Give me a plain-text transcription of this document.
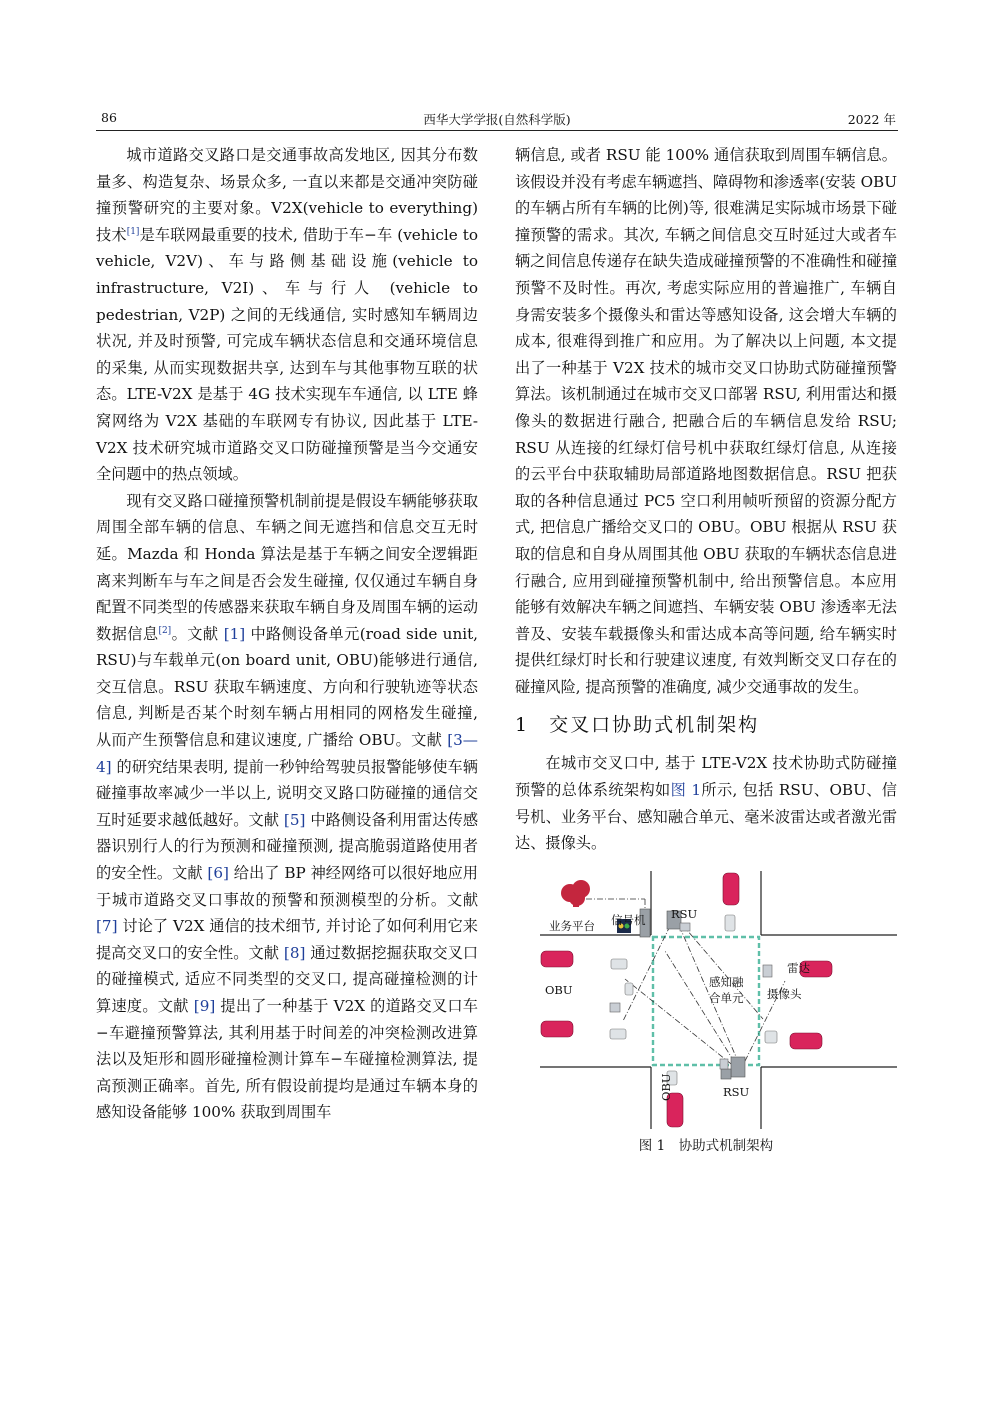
86	西华大学学报(自然科学版)	2022 年

城市道路交叉路口是交通事故高发地区, 因其分布数量多、构造复杂、场景众多, 一直以来都是交通冲突防碰撞预警研究的主要对象。V2X(vehicle to everything)技术[1]是车联网最重要的技术, 借助于车−车 (vehicle to vehicle, V2V)、车与路侧基础设施(vehicle to infrastructure, V2I)、车与行人 (vehicle to pedestrian, V2P) 之间的无线通信, 实时感知车辆周边状况, 并及时预警, 可完成车辆状态信息和交通环境信息的采集, 从而实现数据共享, 达到车与其他事物互联的状态。LTE-V2X 是基于 4G 技术实现车车通信, 以 LTE 蜂窝网络为 V2X 基础的车联网专有协议, 因此基于 LTE-V2X 技术研究城市道路交叉口防碰撞预警是当今交通安全问题中的热点领域。

现有交叉路口碰撞预警机制前提是假设车辆能够获取周围全部车辆的信息、车辆之间无遮挡和信息交互无时延。Mazda 和 Honda 算法是基于车辆之间安全逻辑距离来判断车与车之间是否会发生碰撞, 仅仅通过车辆自身配置不同类型的传感器来获取车辆自身及周围车辆的运动数据信息[2]。文献 [1] 中路侧设备单元(road side unit, RSU)与车载单元(on board unit, OBU)能够进行通信, 交互信息。RSU 获取车辆速度、方向和行驶轨迹等状态信息, 判断是否某个时刻车辆占用相同的网格发生碰撞, 从而产生预警信息和建议速度, 广播给 OBU。文献 [3—4] 的研究结果表明, 提前一秒钟给驾驶员报警能够使车辆碰撞事故率减少一半以上, 说明交叉路口防碰撞的通信交互时延要求越低越好。文献 [5] 中路侧设备利用雷达传感器识别行人的行为预测和碰撞预测, 提高脆弱道路使用者的安全性。文献 [6] 给出了 BP 神经网络可以很好地应用于城市道路交叉口事故的预警和预测模型的分析。文献 [7] 讨论了 V2X 通信的技术细节, 并讨论了如何利用它来提高交叉口的安全性。文献 [8] 通过数据挖掘获取交叉口的碰撞模式, 适应不同类型的交叉口, 提高碰撞检测的计算速度。文献 [9] 提出了一种基于 V2X 的道路交叉口车−车避撞预警算法, 其利用基于时间差的冲突检测改进算法以及矩形和圆形碰撞检测计算车−车碰撞检测算法, 提高预测正确率。首先, 所有假设前提均是通过车辆本身的感知设备能够 100% 获取到周围车

辆信息, 或者 RSU 能 100% 通信获取到周围车辆信息。该假设并没有考虑车辆遮挡、障碍物和渗透率(安装 OBU 的车辆占所有车辆的比例)等, 很难满足实际城市场景下碰撞预警的需求。其次, 车辆之间信息交互时延过大或者车辆之间信息传递存在缺失造成碰撞预警的不准确性和碰撞预警不及时性。再次, 考虑实际应用的普遍推广, 车辆自身需安装多个摄像头和雷达等感知设备, 这会增大车辆的成本, 很难得到推广和应用。为了解决以上问题, 本文提出了一种基于 V2X 技术的城市交叉口协助式防碰撞预警算法。该机制通过在城市交叉口部署 RSU, 利用雷达和摄像头的数据进行融合, 把融合后的车辆信息发给 RSU; RSU 从连接的红绿灯信号机中获取红绿灯信息, 从连接的云平台中获取辅助局部道路地图数据信息。RSU 把获取的各种信息通过 PC5 空口利用帧听预留的资源分配方式, 把信息广播给交叉口的 OBU。OBU 根据从 RSU 获取的信息和自身从周围其他 OBU 获取的车辆状态信息进行融合, 应用到碰撞预警机制中, 给出预警信息。本应用能够有效解决车辆之间遮挡、车辆安装 OBU 渗透率无法普及、安装车载摄像头和雷达成本高等问题, 给车辆实时提供红绿灯时长和行驶建议速度, 有效判断交叉口存在的碰撞风险, 提高预警的准确度, 减少交通事故的发生。

1 交叉口协助式机制架构

在城市交叉口中, 基于 LTE-V2X 技术协助式防碰撞预警的总体系统架构如图 1所示, 包括 RSU、OBU、信号机、业务平台、感知融合单元、毫米波雷达或者激光雷达、摄像头。

业务平台 信号机 RSU
OBU
感知融
合单元
雷达
摄像头
RSU
OBU
图 1　协助式机制架构
